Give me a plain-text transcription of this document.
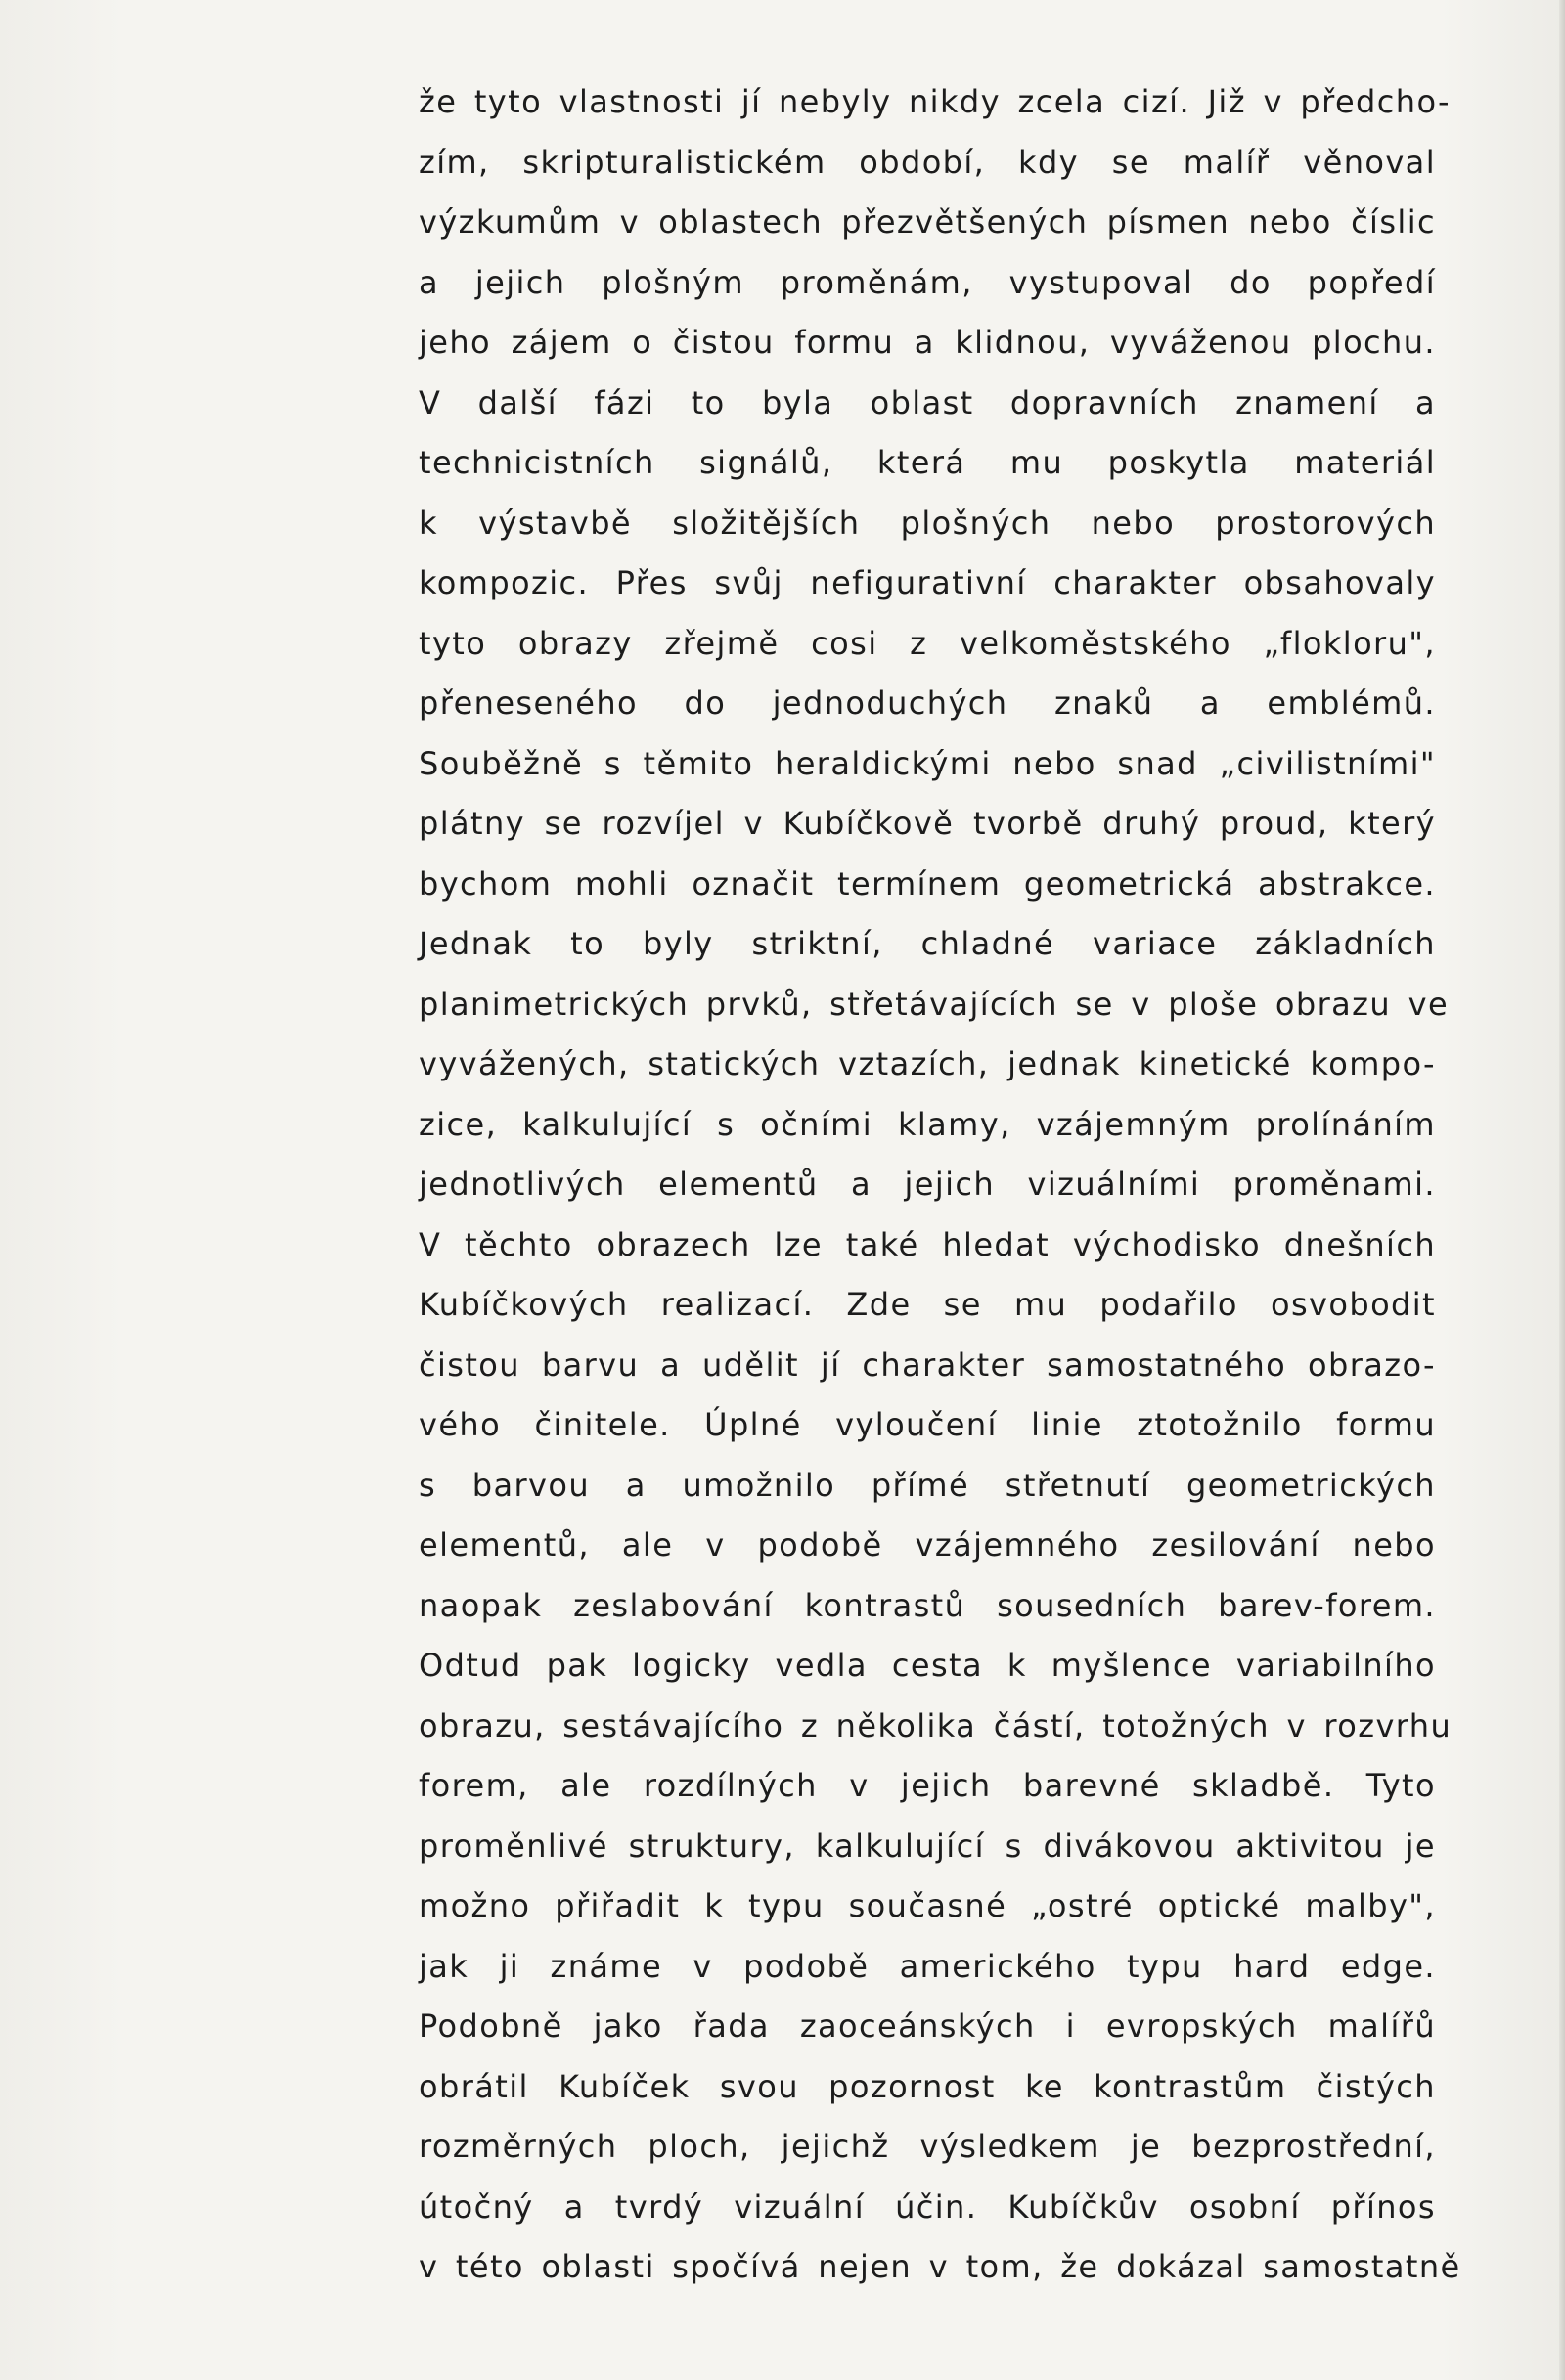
že tyto vlastnosti jí nebyly nikdy zcela cizí. Již v předcho-
zím, skripturalistickém období, kdy se malíř věnoval
výzkumům v oblastech přezvětšených písmen nebo číslic
a jejich plošným proměnám, vystupoval do popředí
jeho zájem o čistou formu a klidnou, vyváženou plochu.
V další fázi to byla oblast dopravních znamení a
technicistních signálů, která mu poskytla materiál
k výstavbě složitějších plošných nebo prostorových
kompozic. Přes svůj nefigurativní charakter obsahovaly
tyto obrazy zřejmě cosi z velkoměstského „flokloru",
přeneseného do jednoduchých znaků a emblémů.
Souběžně s těmito heraldickými nebo snad „civilistními"
plátny se rozvíjel v Kubíčkově tvorbě druhý proud, který
bychom mohli označit termínem geometrická abstrakce.
Jednak to byly striktní, chladné variace základních
planimetrických prvků, střetávajících se v ploše obrazu ve
vyvážených, statických vztazích, jednak kinetické kompo-
zice, kalkulující s očními klamy, vzájemným prolínáním
jednotlivých elementů a jejich vizuálními proměnami.
V těchto obrazech lze také hledat východisko dnešních
Kubíčkových realizací. Zde se mu podařilo osvobodit
čistou barvu a udělit jí charakter samostatného obrazo-
vého činitele. Úplné vyloučení linie ztotožnilo formu
s barvou a umožnilo přímé střetnutí geometrických
elementů, ale v podobě vzájemného zesilování nebo
naopak zeslabování kontrastů sousedních barev-forem.
Odtud pak logicky vedla cesta k myšlence variabilního
obrazu, sestávajícího z několika částí, totožných v rozvrhu
forem, ale rozdílných v jejich barevné skladbě. Tyto
proměnlivé struktury, kalkulující s divákovou aktivitou je
možno přiřadit k typu současné „ostré optické malby",
jak ji známe v podobě amerického typu hard edge.
Podobně jako řada zaoceánských i evropských malířů
obrátil Kubíček svou pozornost ke kontrastům čistých
rozměrných ploch, jejichž výsledkem je bezprostřední,
útočný a tvrdý vizuální účin. Kubíčkův osobní přínos
v této oblasti spočívá nejen v tom, že dokázal samostatně
